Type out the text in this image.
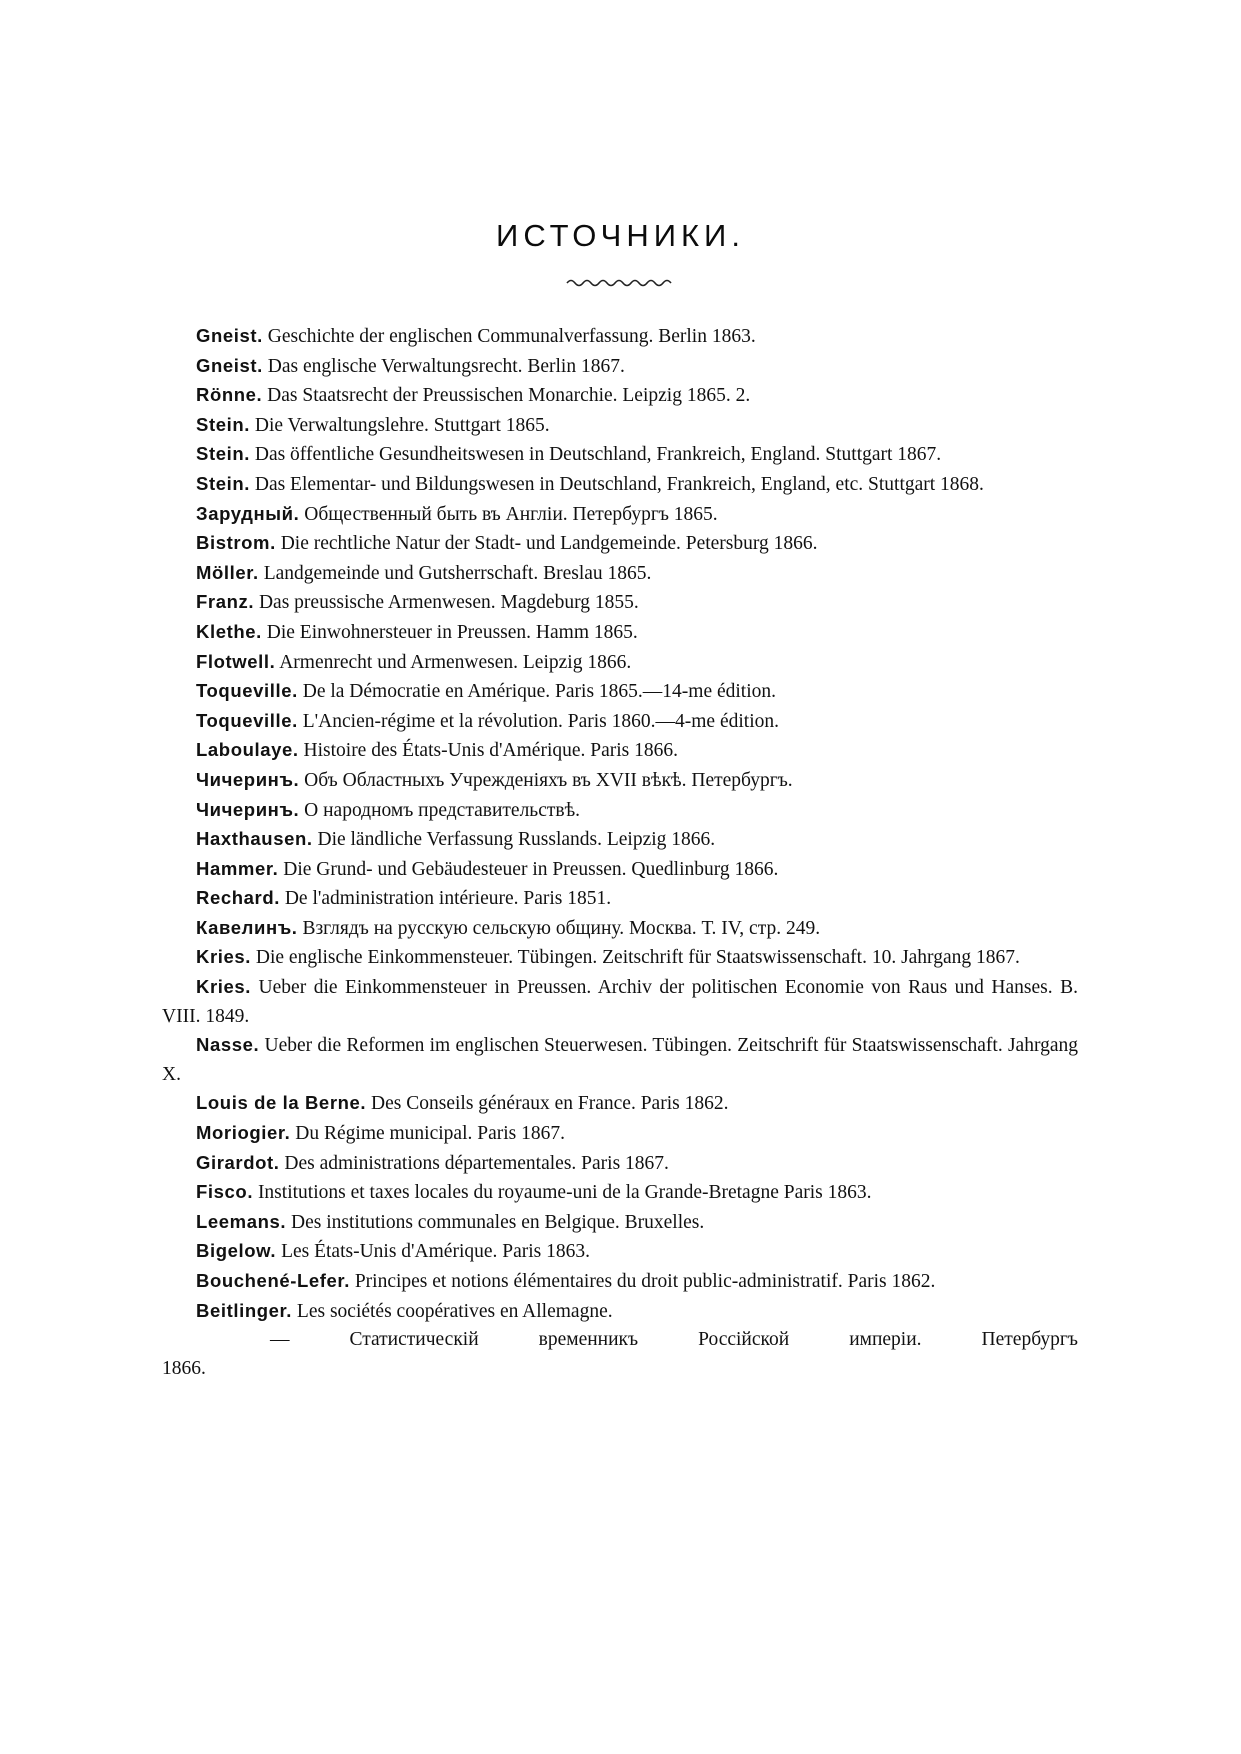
ИСТОЧНИКИ.

Gneist. Geschichte der englischen Communalverfassung. Berlin 1863.

Gneist. Das englische Verwaltungsrecht. Berlin 1867.

Rönne. Das Staatsrecht der Preussischen Monarchie. Leipzig 1865. 2.

Stein. Die Verwaltungslehre. Stuttgart 1865.

Stein. Das öffentliche Gesundheitswesen in Deutschland, Frankreich, England. Stuttgart 1867.

Stein. Das Elementar- und Bildungswesen in Deutschland, Frankreich, England, etc. Stuttgart 1868.

Зарудный. Общественный быть въ Англіи. Петербургъ 1865.

Bistrom. Die rechtliche Natur der Stadt- und Landgemeinde. Petersburg 1866.

Möller. Landgemeinde und Gutsherrschaft. Breslau 1865.

Franz. Das preussische Armenwesen. Magdeburg 1855.

Klethe. Die Einwohnersteuer in Preussen. Hamm 1865.

Flotwell. Armenrecht und Armenwesen. Leipzig 1866.

Toqueville. De la Démocratie en Amérique. Paris 1865.—14-me édition.

Toqueville. L'Ancien-régime et la révolution. Paris 1860.—4-me édition.

Laboulaye. Histoire des États-Unis d'Amérique. Paris 1866.

Чичеринъ. Объ Областныхъ Учрежденіяхъ въ XVII вѣкѣ. Петербургъ.

Чичеринъ. О народномъ представительствѣ.

Haxthausen. Die ländliche Verfassung Russlands. Leipzig 1866.

Hammer. Die Grund- und Gebäudesteuer in Preussen. Quedlinburg 1866.

Rechard. De l'administration intérieure. Paris 1851.

Кавелинъ. Взглядъ на русскую сельскую общину. Москва. Т. IV, стр. 249.

Kries. Die englische Einkommensteuer. Tübingen. Zeitschrift für Staatswissenschaft. 10. Jahrgang 1867.

Kries. Ueber die Einkommensteuer in Preussen. Archiv der politischen Economie von Raus und Hanses. B. VIII. 1849.

Nasse. Ueber die Reformen im englischen Steuerwesen. Tübingen. Zeitschrift für Staatswissenschaft. Jahrgang X.

Louis de la Berne. Des Conseils généraux en France. Paris 1862.

Moriogier. Du Régime municipal. Paris 1867.

Girardot. Des administrations départementales. Paris 1867.

Fisco. Institutions et taxes locales du royaume-uni de la Grande-Bretagne Paris 1863.

Leemans. Des institutions communales en Belgique. Bruxelles.

Bigelow. Les États-Unis d'Amérique. Paris 1863.

Bouchené-Lefer. Principes et notions élémentaires du droit public-administratif. Paris 1862.

Beitlinger. Les sociétés coopératives en Allemagne.

—	Статистическій	временникъ	Россійской	имперіи.	Петербургъ
1866.
